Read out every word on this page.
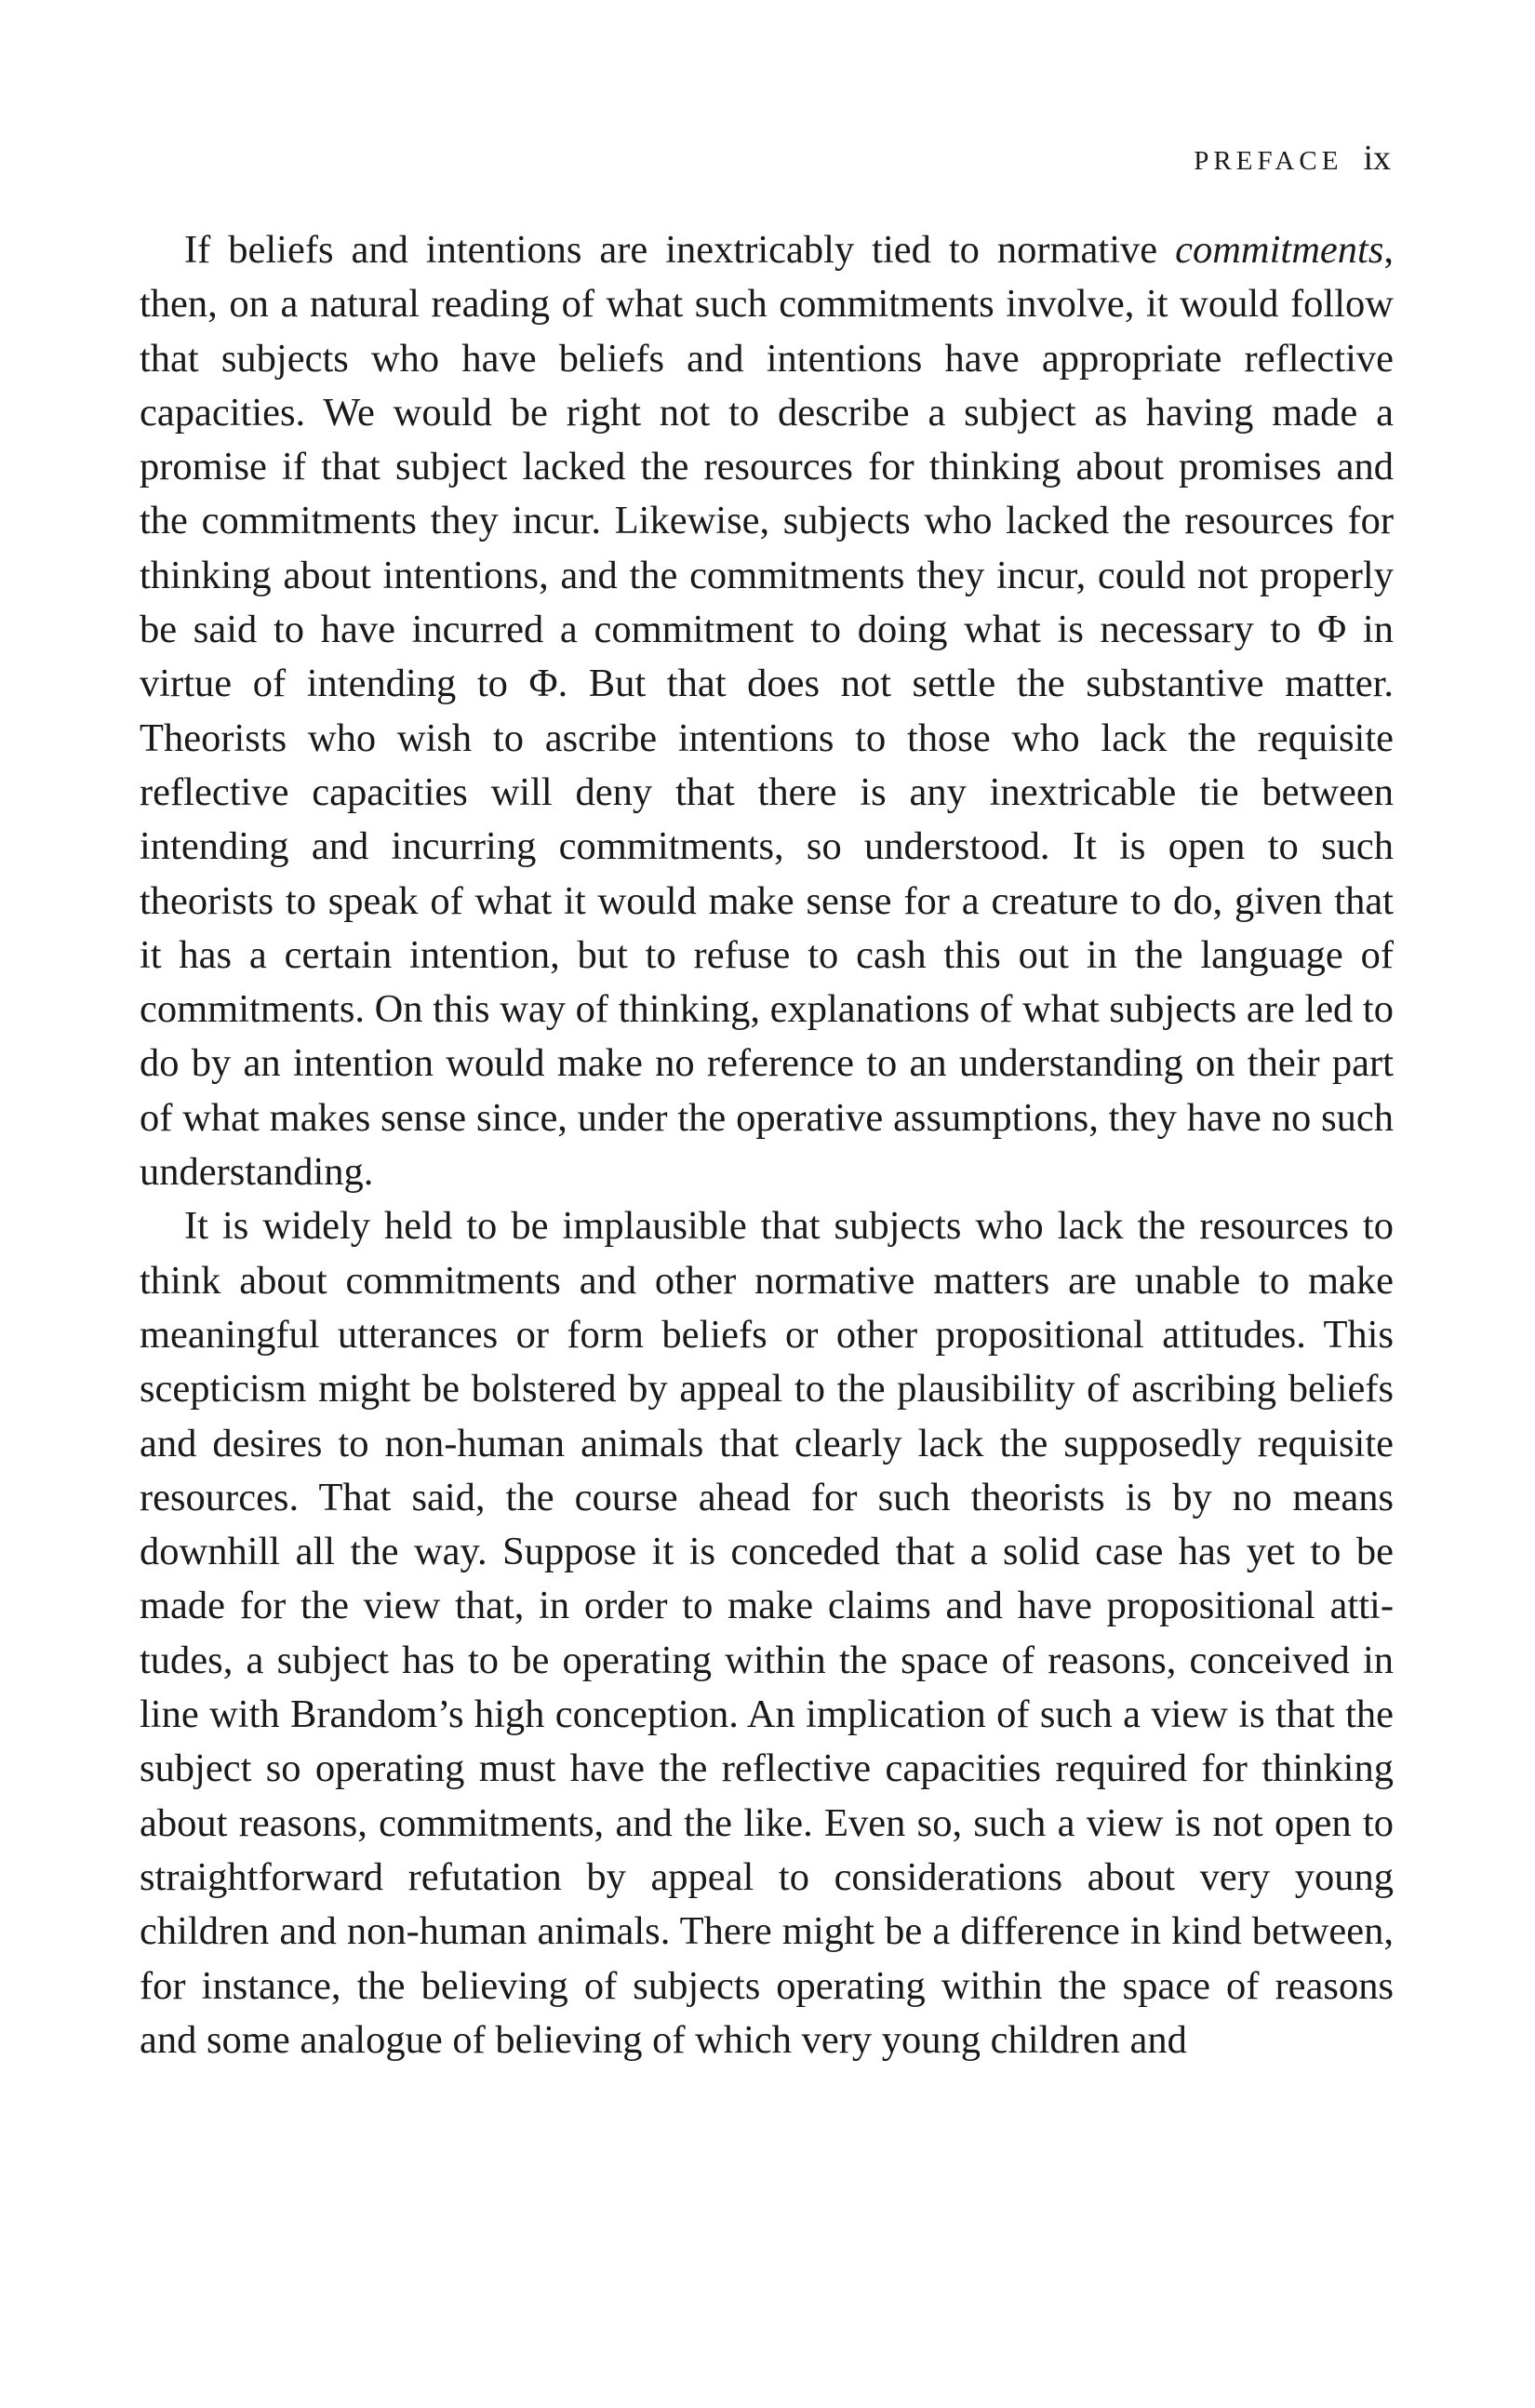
PREFACE ix

If beliefs and intentions are inextricably tied to normative commitments, then, on a natural reading of what such commitments involve, it would follow that subjects who have beliefs and intentions have appropriate reflective capacities. We would be right not to describe a subject as having made a promise if that subject lacked the resources for thinking about promises and the commitments they incur. Likewise, subjects who lacked the resources for thinking about intentions, and the commitments they incur, could not properly be said to have incurred a commitment to doing what is necessary to Φ in virtue of intending to Φ. But that does not settle the substantive matter. Theorists who wish to ascribe intentions to those who lack the requisite reflective capacities will deny that there is any inextricable tie between intending and incurring commitments, so understood. It is open to such theorists to speak of what it would make sense for a creature to do, given that it has a certain intention, but to refuse to cash this out in the language of commitments. On this way of thinking, explanations of what subjects are led to do by an intention would make no reference to an understanding on their part of what makes sense since, under the operative assumptions, they have no such understanding.

It is widely held to be implausible that subjects who lack the resources to think about commitments and other normative matters are unable to make meaningful utterances or form beliefs or other propositional attitudes. This scepticism might be bolstered by appeal to the plausibility of ascribing beliefs and desires to non-human animals that clearly lack the supposedly requisite resources. That said, the course ahead for such theorists is by no means downhill all the way. Suppose it is conceded that a solid case has yet to be made for the view that, in order to make claims and have propositional attitudes, a subject has to be operating within the space of reasons, conceived in line with Brandom’s high conception. An implication of such a view is that the subject so operating must have the reflective capacities required for thinking about reasons, commitments, and the like. Even so, such a view is not open to straightforward refutation by appeal to considerations about very young children and non-human animals. There might be a difference in kind between, for instance, the believing of subjects operating within the space of reasons and some analogue of believing of which very young children and
